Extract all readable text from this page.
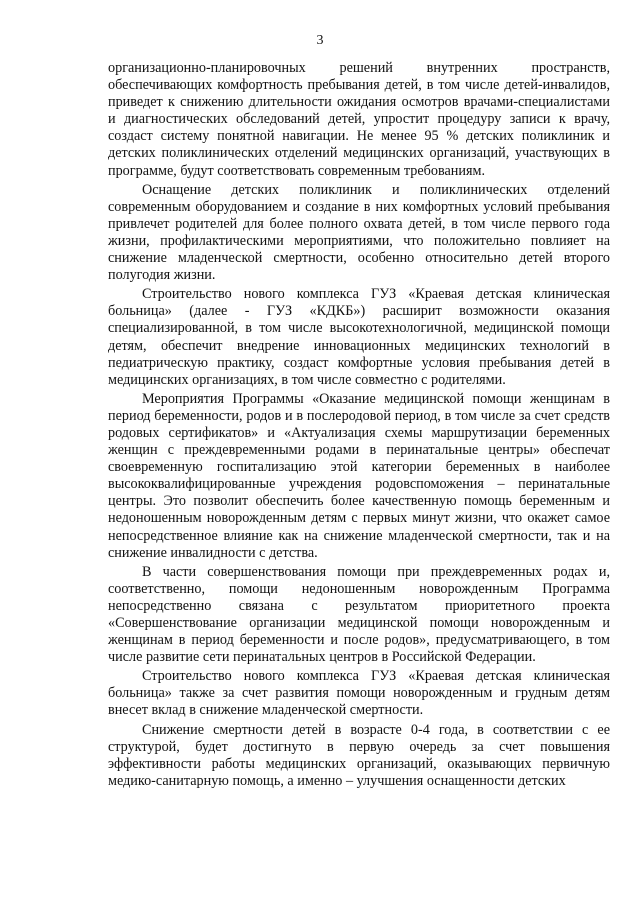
3

организационно-планировочных решений внутренних пространств, обеспечивающих комфортность пребывания детей, в том числе детей-инвалидов, приведет к снижению длительности ожидания осмотров врачами-специалистами и диагностических обследований детей, упростит процедуру записи к врачу, создаст систему понятной навигации. Не менее 95 % детских поликлиник и детских поликлинических отделений медицинских организаций, участвующих в программе, будут соответствовать современным требованиям.

Оснащение детских поликлиник и поликлинических отделений современным оборудованием и создание в них комфортных условий пребывания привлечет родителей для более полного охвата детей, в том числе первого года жизни, профилактическими мероприятиями, что положительно повлияет на снижение младенческой смертности, особенно относительно детей второго полугодия жизни.

Строительство нового комплекса ГУЗ «Краевая детская клиническая больница» (далее - ГУЗ «КДКБ») расширит возможности оказания специализированной, в том числе высокотехнологичной, медицинской помощи детям, обеспечит внедрение инновационных медицинских технологий в педиатрическую практику, создаст комфортные условия пребывания детей в медицинских организациях, в том числе совместно с родителями.

Мероприятия Программы «Оказание медицинской помощи женщинам в период беременности, родов и в послеродовой период, в том числе за счет средств родовых сертификатов» и «Актуализация схемы маршрутизации беременных женщин с преждевременными родами в перинатальные центры» обеспечат своевременную госпитализацию этой категории беременных в наиболее высококвалифицированные учреждения родовспоможения – перинатальные центры. Это позволит обеспечить более качественную помощь беременным и недоношенным новорожденным детям с первых минут жизни, что окажет самое непосредственное влияние как на снижение младенческой смертности, так и на снижение инвалидности с детства.

В части совершенствования помощи при преждевременных родах и, соответственно, помощи недоношенным новорожденным Программа непосредственно связана с результатом приоритетного проекта «Совершенствование организации медицинской помощи новорожденным и женщинам в период беременности и после родов», предусматривающего, в том числе развитие сети перинатальных центров в Российской Федерации.

Строительство нового комплекса ГУЗ «Краевая детская клиническая больница» также за счет развития помощи новорожденным и грудным детям внесет вклад в снижение младенческой смертности.

Снижение смертности детей в возрасте 0-4 года, в соответствии с ее структурой, будет достигнуто в первую очередь за счет повышения эффективности работы медицинских организаций, оказывающих первичную медико-санитарную помощь, а именно – улучшения оснащенности детских
